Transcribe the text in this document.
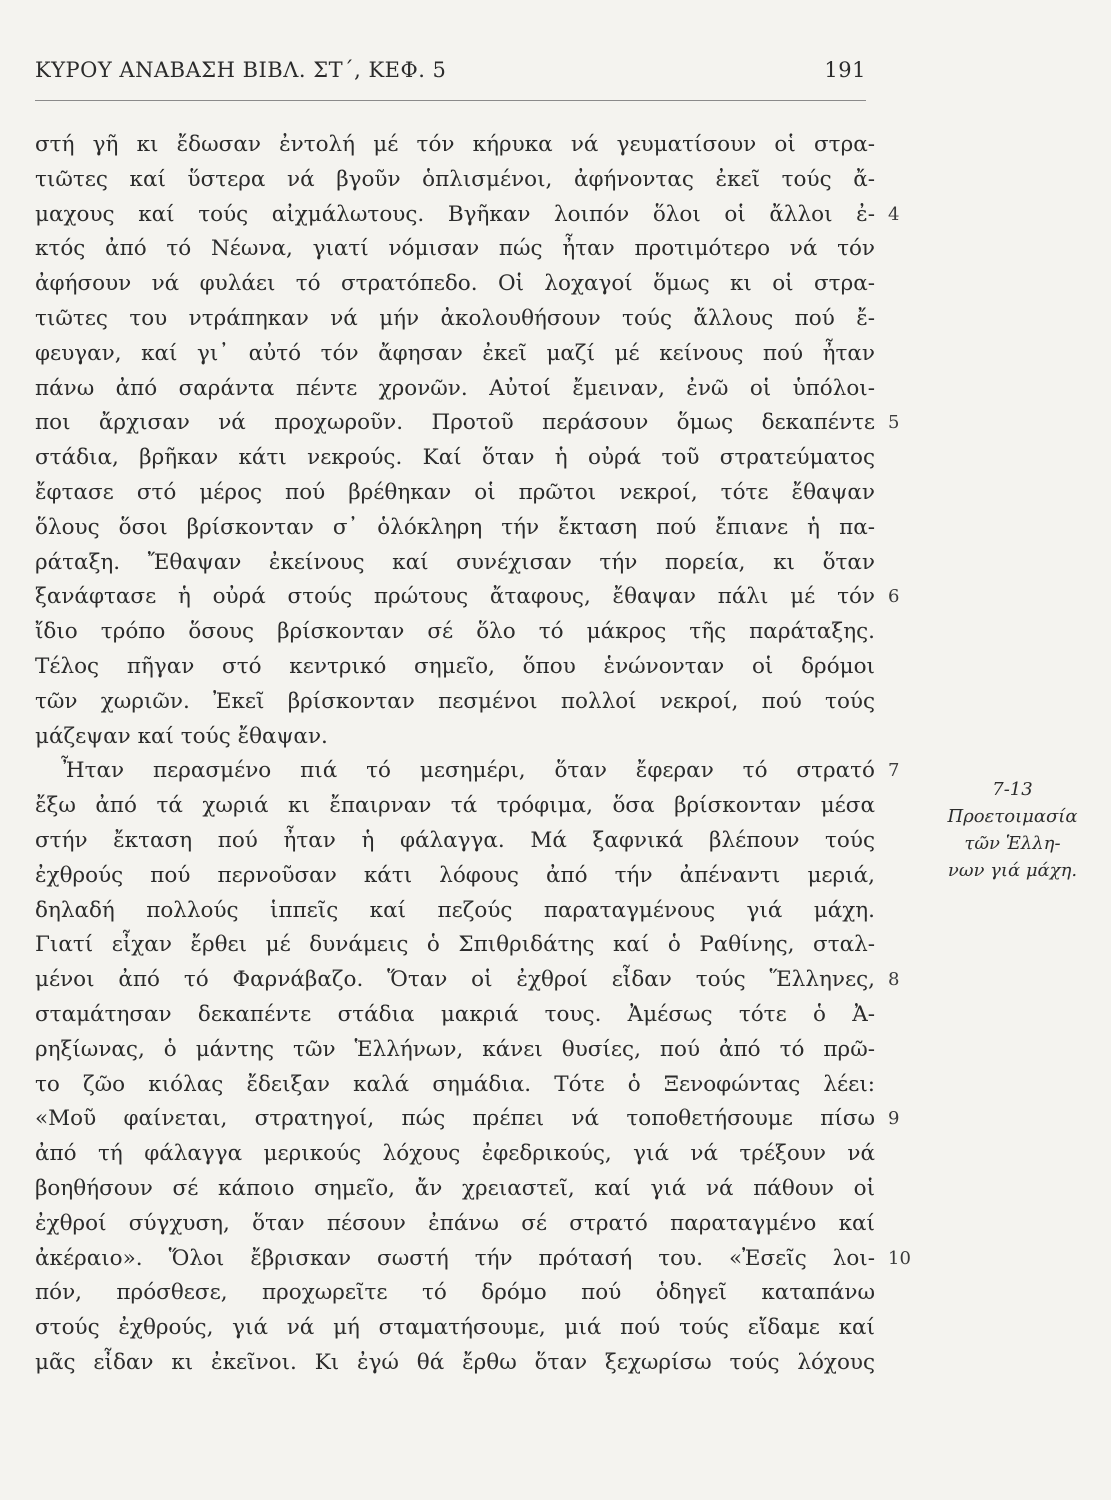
ΚΥΡΟΥ ΑΝΑΒΑΣΗ ΒΙΒΛ. ΣΤ΄, ΚΕΦ. 5	191
στή γῆ κι ἔδωσαν ἐντολή μέ τόν κήρυκα νά γευματίσουν οἱ στρα-
τιῶτες καί ὕστερα νά βγοῦν ὁπλισμένοι, ἀφήνοντας ἐκεῖ τούς ἄ-
μαχους καί τούς αἰχμάλωτους. Βγῆκαν λοιπόν ὅλοι οἱ ἄλλοι ἐ-
κτός ἀπό τό Νέωνα, γιατί νόμισαν πώς ἦταν προτιμότερο νά τόν
ἀφήσουν νά φυλάει τό στρατόπεδο. Οἱ λοχαγοί ὅμως κι οἱ στρα-
τιῶτες του ντράπηκαν νά μήν ἀκολουθήσουν τούς ἄλλους πού ἔ-
φευγαν, καί γι᾽ αὐτό τόν ἄφησαν ἐκεῖ μαζί μέ κείνους πού ἦταν
πάνω ἀπό σαράντα πέντε χρονῶν. Αὐτοί ἔμειναν, ἐνῶ οἱ ὑπόλοι-
ποι ἄρχισαν νά προχωροῦν. Προτοῦ περάσουν ὅμως δεκαπέντε
στάδια, βρῆκαν κάτι νεκρούς. Καί ὅταν ἡ οὐρά τοῦ στρατεύματος
ἔφτασε στό μέρος πού βρέθηκαν οἱ πρῶτοι νεκροί, τότε ἔθαψαν
ὅλους ὅσοι βρίσκονταν σ᾽ ὁλόκληρη τήν ἔκταση πού ἔπιανε ἡ πα-
ράταξη. Ἔθαψαν ἐκείνους καί συνέχισαν τήν πορεία, κι ὅταν
ξανάφτασε ἡ οὐρά στούς πρώτους ἄταφους, ἔθαψαν πάλι μέ τόν
ἴδιο τρόπο ὅσους βρίσκονταν σέ ὅλο τό μάκρος τῆς παράταξης.
Τέλος πῆγαν στό κεντρικό σημεῖο, ὅπου ἑνώνονταν οἱ δρόμοι
τῶν χωριῶν. Ἐκεῖ βρίσκονταν πεσμένοι πολλοί νεκροί, πού τούς
μάζεψαν καί τούς ἔθαψαν.
Ἦταν περασμένο πιά τό μεσημέρι, ὅταν ἔφεραν τό στρατό
ἔξω ἀπό τά χωριά κι ἔπαιρναν τά τρόφιμα, ὅσα βρίσκονταν μέσα
στήν ἔκταση πού ἦταν ἡ φάλαγγα. Μά ξαφνικά βλέπουν τούς
ἐχθρούς πού περνοῦσαν κάτι λόφους ἀπό τήν ἀπέναντι μεριά,
δηλαδή πολλούς ἱππεῖς καί πεζούς παραταγμένους γιά μάχη.
Γιατί εἶχαν ἔρθει μέ δυνάμεις ὁ Σπιθριδάτης καί ὁ Ραθίνης, σταλ-
μένοι ἀπό τό Φαρνάβαζο. Ὅταν οἱ ἐχθροί εἶδαν τούς Ἕλληνες,
σταμάτησαν δεκαπέντε στάδια μακριά τους. Ἀμέσως τότε ὁ Ἀ-
ρηξίωνας, ὁ μάντης τῶν Ἑλλήνων, κάνει θυσίες, πού ἀπό τό πρῶ-
το ζῶο κιόλας ἔδειξαν καλά σημάδια. Τότε ὁ Ξενοφώντας λέει:
«Μοῦ φαίνεται, στρατηγοί, πώς πρέπει νά τοποθετήσουμε πίσω
ἀπό τή φάλαγγα μερικούς λόχους ἐφεδρικούς, γιά νά τρέξουν νά
βοηθήσουν σέ κάποιο σημεῖο, ἄν χρειαστεῖ, καί γιά νά πάθουν οἱ
ἐχθροί σύγχυση, ὅταν πέσουν ἐπάνω σέ στρατό παραταγμένο καί
ἀκέραιο». Ὅλοι ἔβρισκαν σωστή τήν πρότασή του. «Ἐσεῖς λοι-
πόν, πρόσθεσε, προχωρεῖτε τό δρόμο πού ὁδηγεῖ καταπάνω
στούς ἐχθρούς, γιά νά μή σταματήσουμε, μιά πού τούς εἴδαμε καί
μᾶς εἶδαν κι ἐκεῖνοι. Κι ἐγώ θά ἔρθω ὅταν ξεχωρίσω τούς λόχους
4
5
6
7
8
9
10
7-13
Προετοιμασία
τῶν Ἑλλη-
νων γιά μάχη.
